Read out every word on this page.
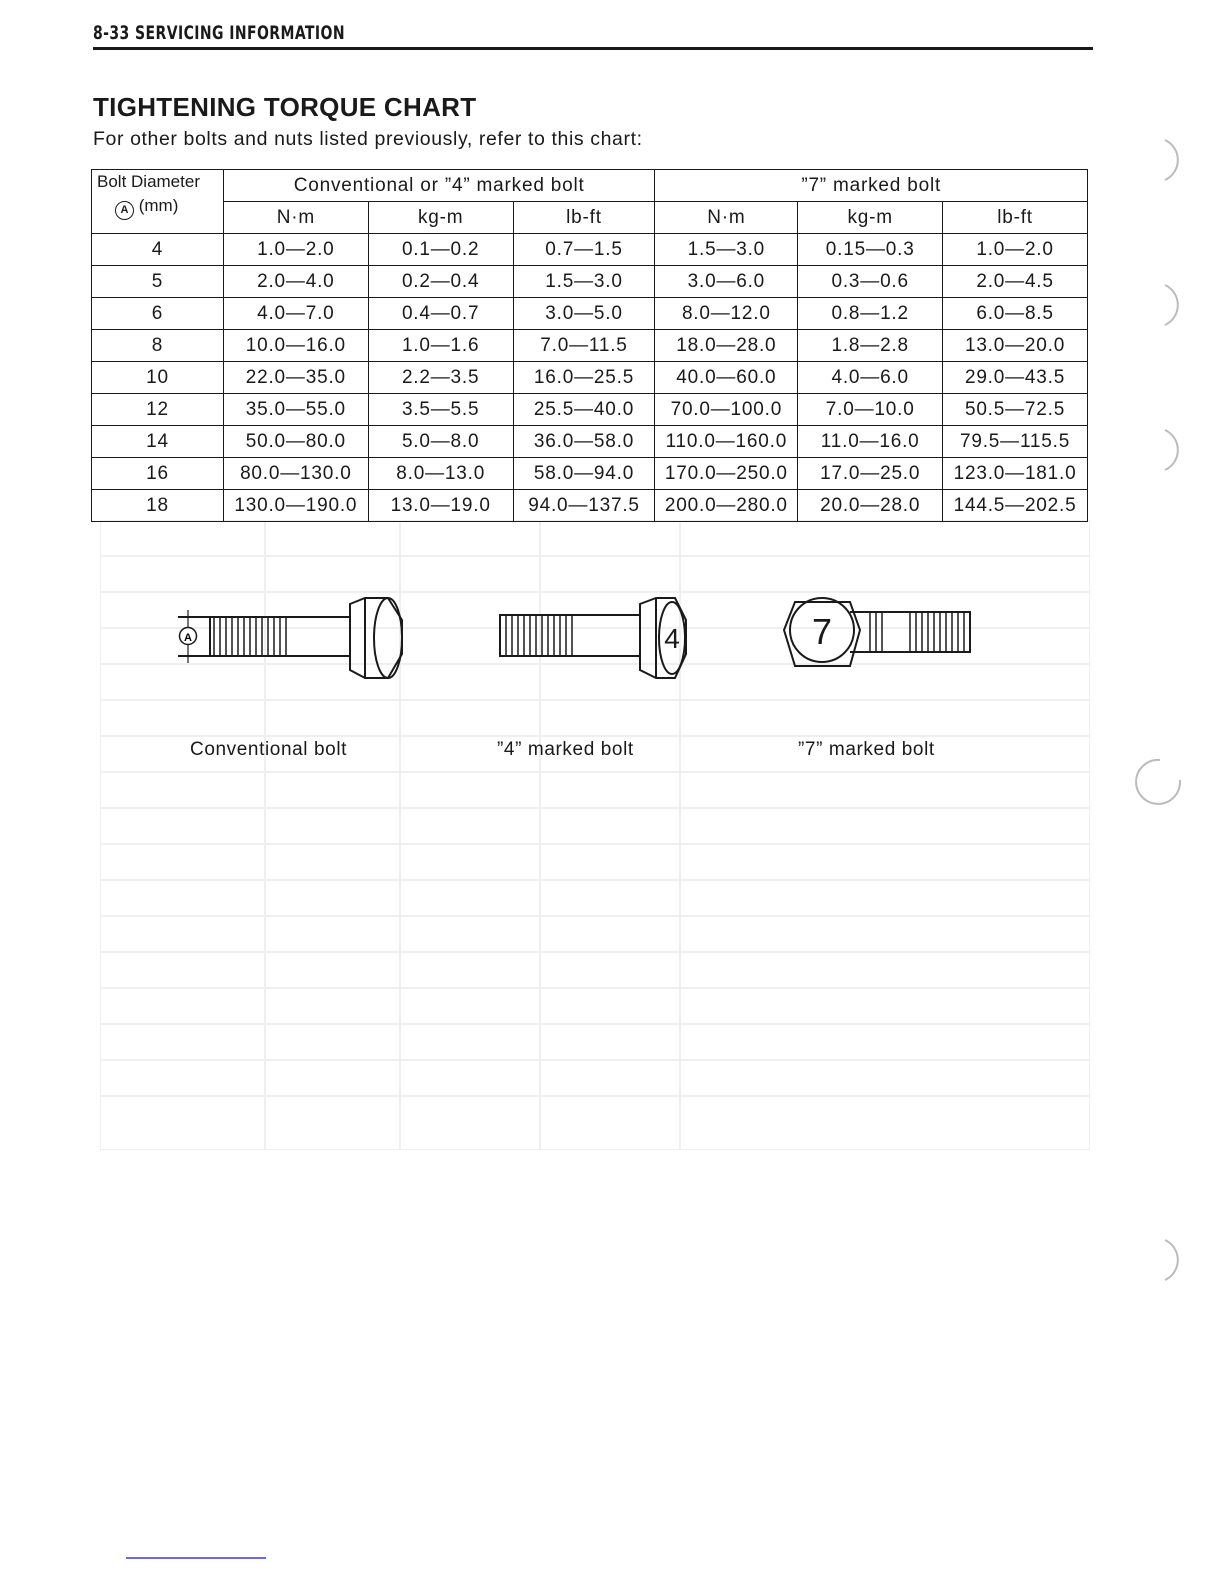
8-33 SERVICING INFORMATION
TIGHTENING TORQUE CHART

For other bolts and nuts listed previously, refer to this chart:

Bolt Diameter
A (mm)	Conventional or ”4” marked bolt			”7” marked bolt		
	N·m	kg-m	lb-ft	N·m	kg-m	lb-ft
4	1.0—2.0	0.1—0.2	0.7—1.5	1.5—3.0	0.15—0.3	1.0—2.0
5	2.0—4.0	0.2—0.4	1.5—3.0	3.0—6.0	0.3—0.6	2.0—4.5
6	4.0—7.0	0.4—0.7	3.0—5.0	8.0—12.0	0.8—1.2	6.0—8.5
8	10.0—16.0	1.0—1.6	7.0—11.5	18.0—28.0	1.8—2.8	13.0—20.0
10	22.0—35.0	2.2—3.5	16.0—25.5	40.0—60.0	4.0—6.0	29.0—43.5
12	35.0—55.0	3.5—5.5	25.5—40.0	70.0—100.0	7.0—10.0	50.5—72.5
14	50.0—80.0	5.0—8.0	36.0—58.0	110.0—160.0	11.0—16.0	79.5—115.5
16	80.0—130.0	8.0—13.0	58.0—94.0	170.0—250.0	17.0—25.0	123.0—181.0
18	130.0—190.0	13.0—19.0	94.0—137.5	200.0—280.0	20.0—28.0	144.5—202.5
A	4	7
Conventional bolt	”4” marked bolt	”7” marked bolt
